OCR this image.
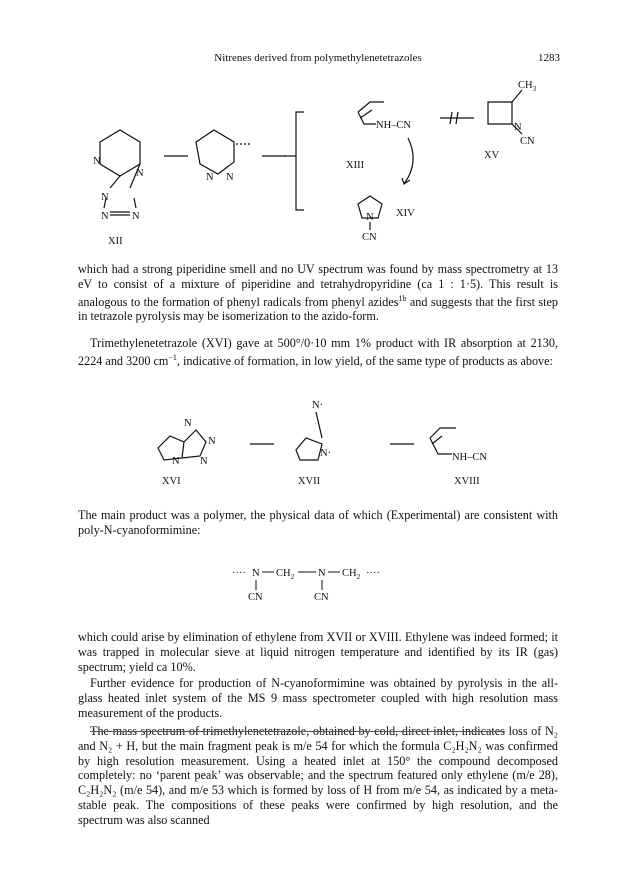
Nitrenes derived from polymethylenetetrazoles	1283
N
N
N
N N
XII
N N
NH–CN
XIII
N
CN
XIV
$CH_3$
N
CN
XV

which had a strong piperidine smell and no UV spectrum was found by mass spectrometry at 13 eV to consist of a mixture of piperidine and tetrahydropyridine (ca 1 : 1·5). This result is analogous to the formation of phenyl radicals from phenyl azides$^{1b}$ and suggests that the first step in tetrazole pyrolysis may be isomerization to the azido-form.

Trimethylenetetrazole (XVI) gave at 500°/0·10 mm 1% product with IR absorption at 2130, 2224 and 3200 $cm^{-1}$, indicative of formation, in low yield, of the same type of products as above:

N
N
N
N
XVI
N·
N·
XVII
NH–CN
XVIII

The main product was a polymer, the physical data of which (Experimental) are consistent with poly-N-cyanoformimine:

···· N $CH_2$ N $CH_2$ ····
CN	CN

which could arise by elimination of ethylene from XVII or XVIII. Ethylene was indeed formed; it was trapped in molecular sieve at liquid nitrogen temperature and identified by its IR (gas) spectrum; yield ca 10%.

Further evidence for production of N-cyanoformimine was obtained by pyrolysis in the all-glass heated inlet system of the MS 9 mass spectrometer coupled with high resolution mass measurement of the products.

The mass spectrum of trimethylenetetrazole, obtained by cold, direct inlet, indicates loss of N₂ and N₂ + H, but the main fragment peak is m/e 54 for which the formula C₂H₂N₂ was confirmed by high resolution measurement. Using a heated inlet at 150° the compound decomposed completely: no ‘parent peak’ was observable; and the spectrum featured only ethylene (m/e 28), C₂H₂N₂ (m/e 54), and m/e 53 which is formed by loss of H from m/e 54, as indicated by a meta-stable peak. The compositions of these peaks were confirmed by high resolution, and the spectrum was also scanned
